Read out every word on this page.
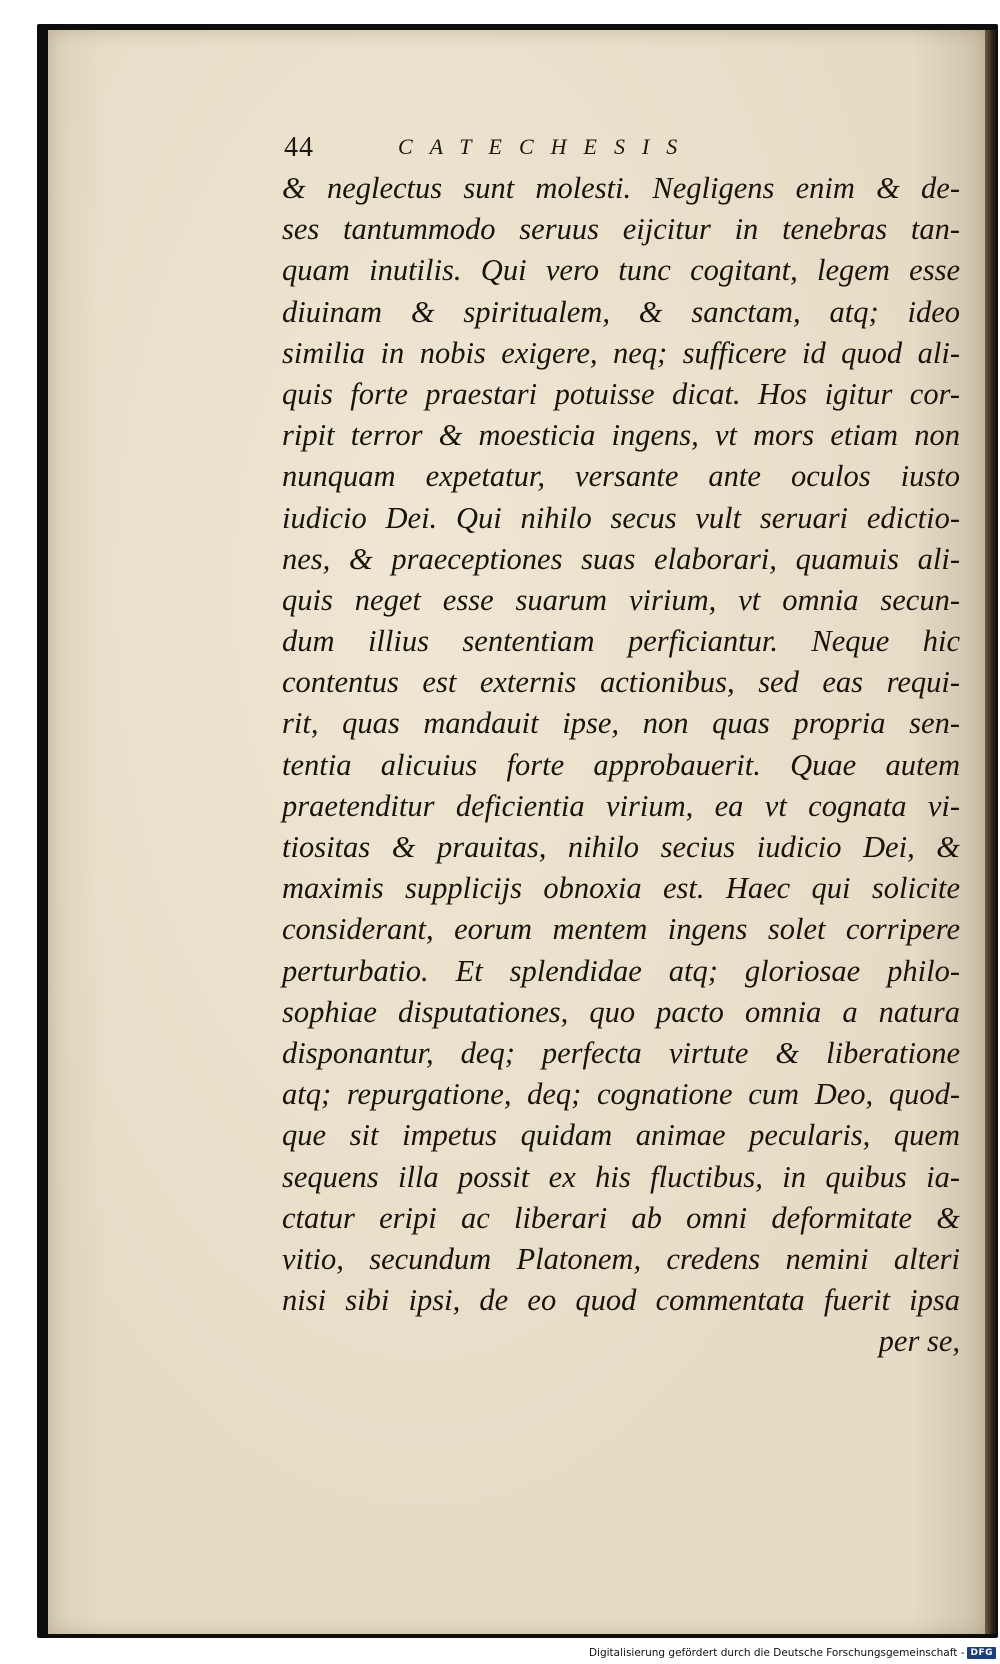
44	CATECHESIS
& neglectus sunt molesti. Negligens enim & de-
ses tantummodo seruus eijcitur in tenebras tan-
quam inutilis. Qui vero tunc cogitant, legem esse
diuinam & spiritualem, & sanctam, atq; ideo
similia in nobis exigere, neq; sufficere id quod ali-
quis forte praestari potuisse dicat. Hos igitur cor-
ripit terror & moesticia ingens, vt mors etiam non
nunquam expetatur, versante ante oculos iusto
iudicio Dei. Qui nihilo secus vult seruari edictio-
nes, & praeceptiones suas elaborari, quamuis ali-
quis neget esse suarum virium, vt omnia secun-
dum illius sententiam perficiantur. Neque hic
contentus est externis actionibus, sed eas requi-
rit, quas mandauit ipse, non quas propria sen-
tentia alicuius forte approbauerit. Quae autem
praetenditur deficientia virium, ea vt cognata vi-
tiositas & prauitas, nihilo secius iudicio Dei, &
maximis supplicijs obnoxia est. Haec qui solicite
considerant, eorum mentem ingens solet corripere
perturbatio. Et splendidae atq; gloriosae philo-
sophiae disputationes, quo pacto omnia a natura
disponantur, deq; perfecta virtute & liberatione
atq; repurgatione, deq; cognatione cum Deo, quod-
que sit impetus quidam animae pecularis, quem
sequens illa possit ex his fluctibus, in quibus ia-
ctatur eripi ac liberari ab omni deformitate &
vitio, secundum Platonem, credens nemini alteri
nisi sibi ipsi, de eo quod commentata fuerit ipsa
per se,
Digitalisierung gefördert durch die Deutsche Forschungsgemeinschaft - DFG
